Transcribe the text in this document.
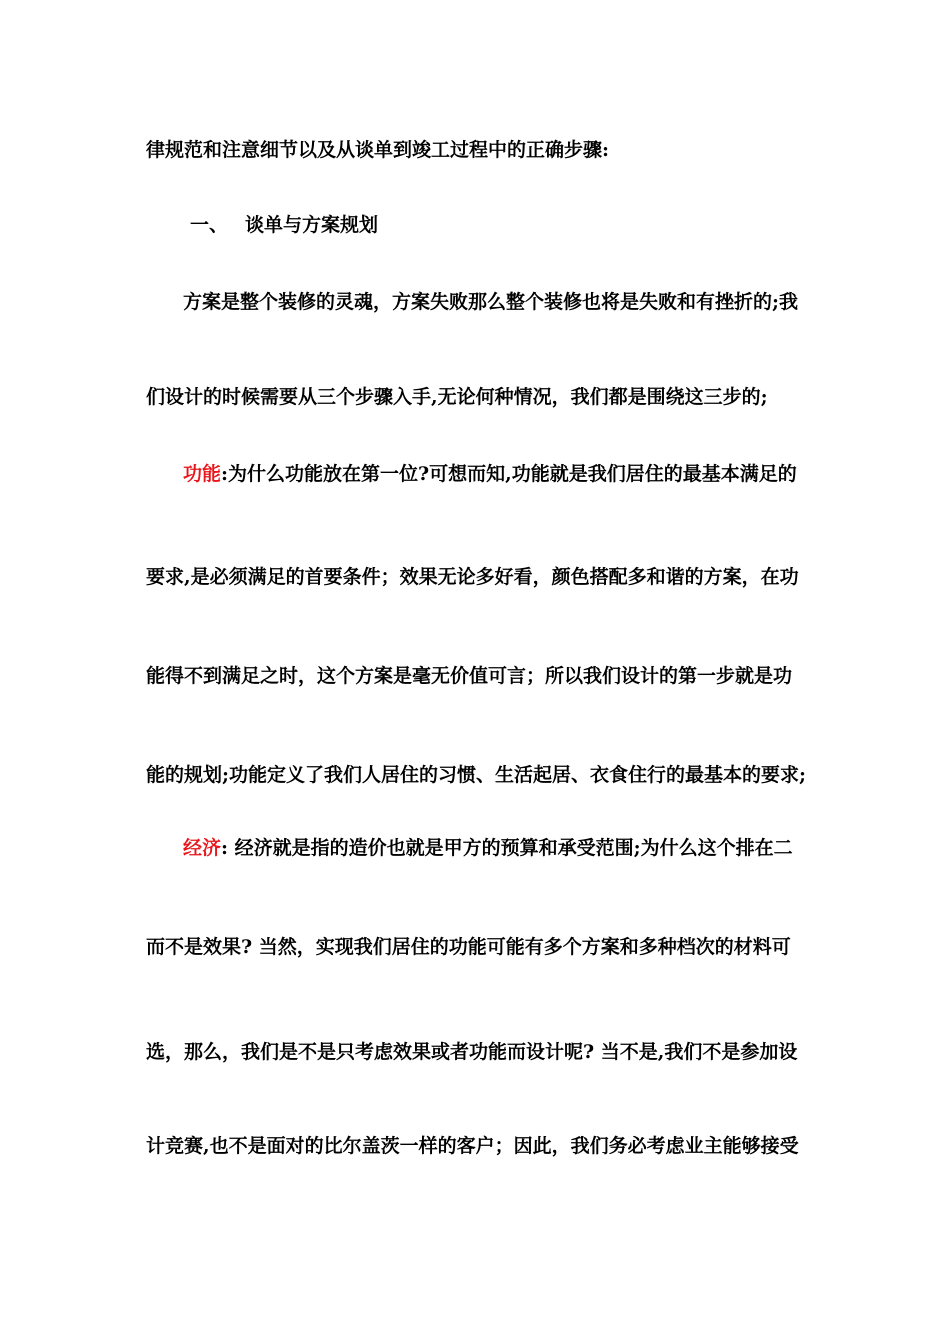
律规范和注意细节以及从谈单到竣工过程中的正确步骤:
一、 谈单与方案规划
方案是整个装修的灵魂，方案失败那么整个装修也将是失败和有挫折的;我
们设计的时候需要从三个步骤入手,无论何种情况，我们都是围绕这三步的;
功能:为什么功能放在第一位?可想而知,功能就是我们居住的最基本满足的
要求,是必须满足的首要条件；效果无论多好看，颜色搭配多和谐的方案，在功
能得不到满足之时，这个方案是毫无价值可言；所以我们设计的第一步就是功
能的规划;功能定义了我们人居住的习惯、生活起居、衣食住行的最基本的要求;
经济: 经济就是指的造价也就是甲方的预算和承受范围;为什么这个排在二
而不是效果? 当然，实现我们居住的功能可能有多个方案和多种档次的材料可
选，那么，我们是不是只考虑效果或者功能而设计呢? 当不是,我们不是参加设
计竞赛,也不是面对的比尔盖茨一样的客户；因此，我们务必考虑业主能够接受
